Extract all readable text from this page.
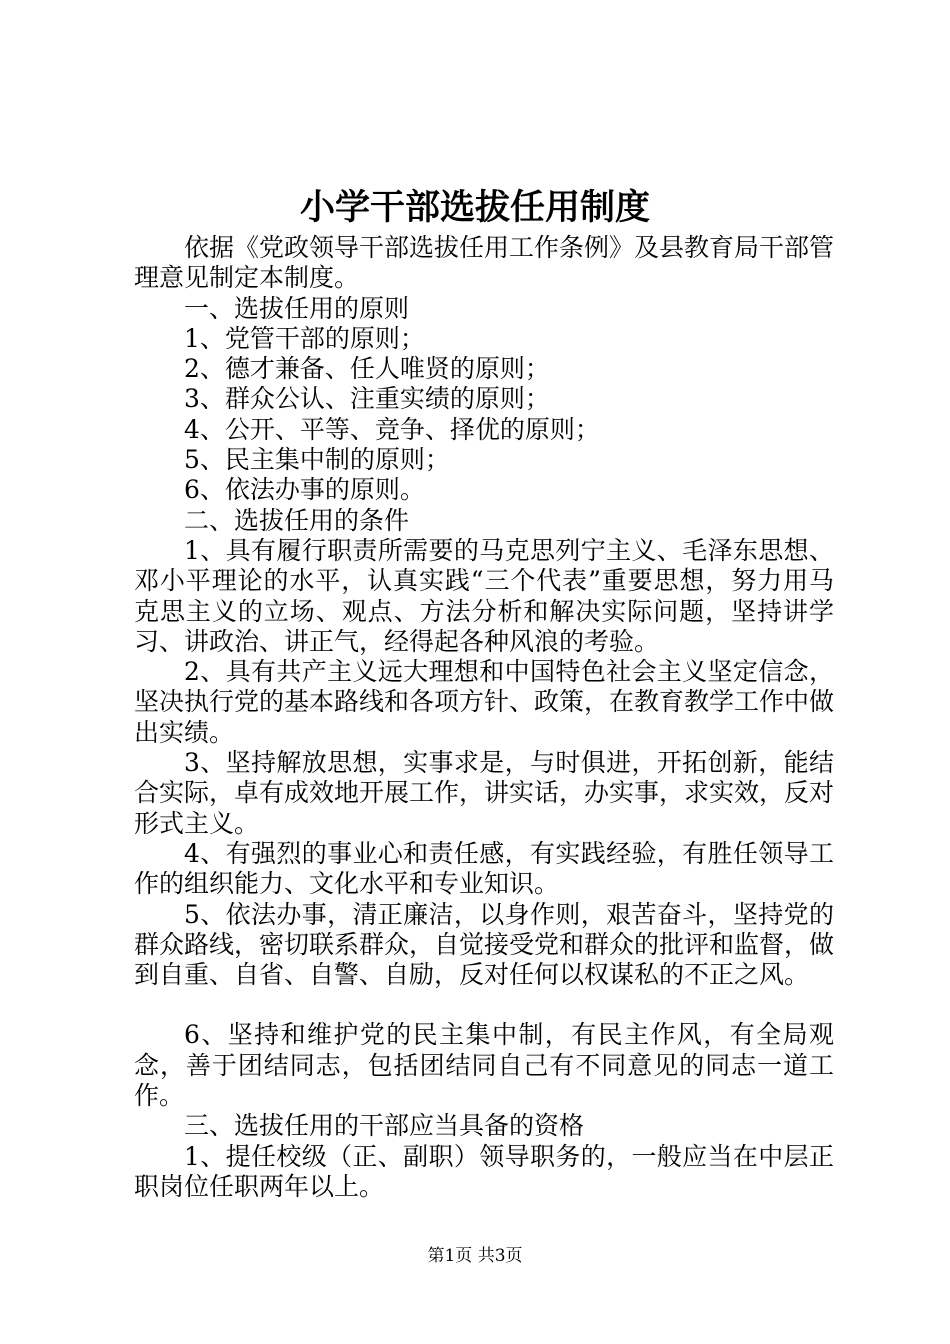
小学干部选拔任用制度

依据《党政领导干部选拔任用工作条例》及县教育局干部管理意见制定本制度。

一、选拔任用的原则

1、党管干部的原则；

2、德才兼备、任人唯贤的原则；

3、群众公认、注重实绩的原则；

4、公开、平等、竞争、择优的原则；

5、民主集中制的原则；

6、依法办事的原则。

二、选拔任用的条件

1、具有履行职责所需要的马克思列宁主义、毛泽东思想、邓小平理论的水平，认真实践“三个代表”重要思想，努力用马克思主义的立场、观点、方法分析和解决实际问题，坚持讲学习、讲政治、讲正气，经得起各种风浪的考验。

2、具有共产主义远大理想和中国特色社会主义坚定信念，坚决执行党的基本路线和各项方针、政策，在教育教学工作中做出实绩。

3、坚持解放思想，实事求是，与时俱进，开拓创新，能结合实际，卓有成效地开展工作，讲实话，办实事，求实效，反对形式主义。

4、有强烈的事业心和责任感，有实践经验，有胜任领导工作的组织能力、文化水平和专业知识。

5、依法办事，清正廉洁，以身作则，艰苦奋斗，坚持党的群众路线，密切联系群众，自觉接受党和群众的批评和监督，做到自重、自省、自警、自励，反对任何以权谋私的不正之风。

6、坚持和维护党的民主集中制，有民主作风，有全局观念，善于团结同志，包括团结同自己有不同意见的同志一道工作。

三、选拔任用的干部应当具备的资格

1、提任校级（正、副职）领导职务的，一般应当在中层正职岗位任职两年以上。

第1页 共3页
